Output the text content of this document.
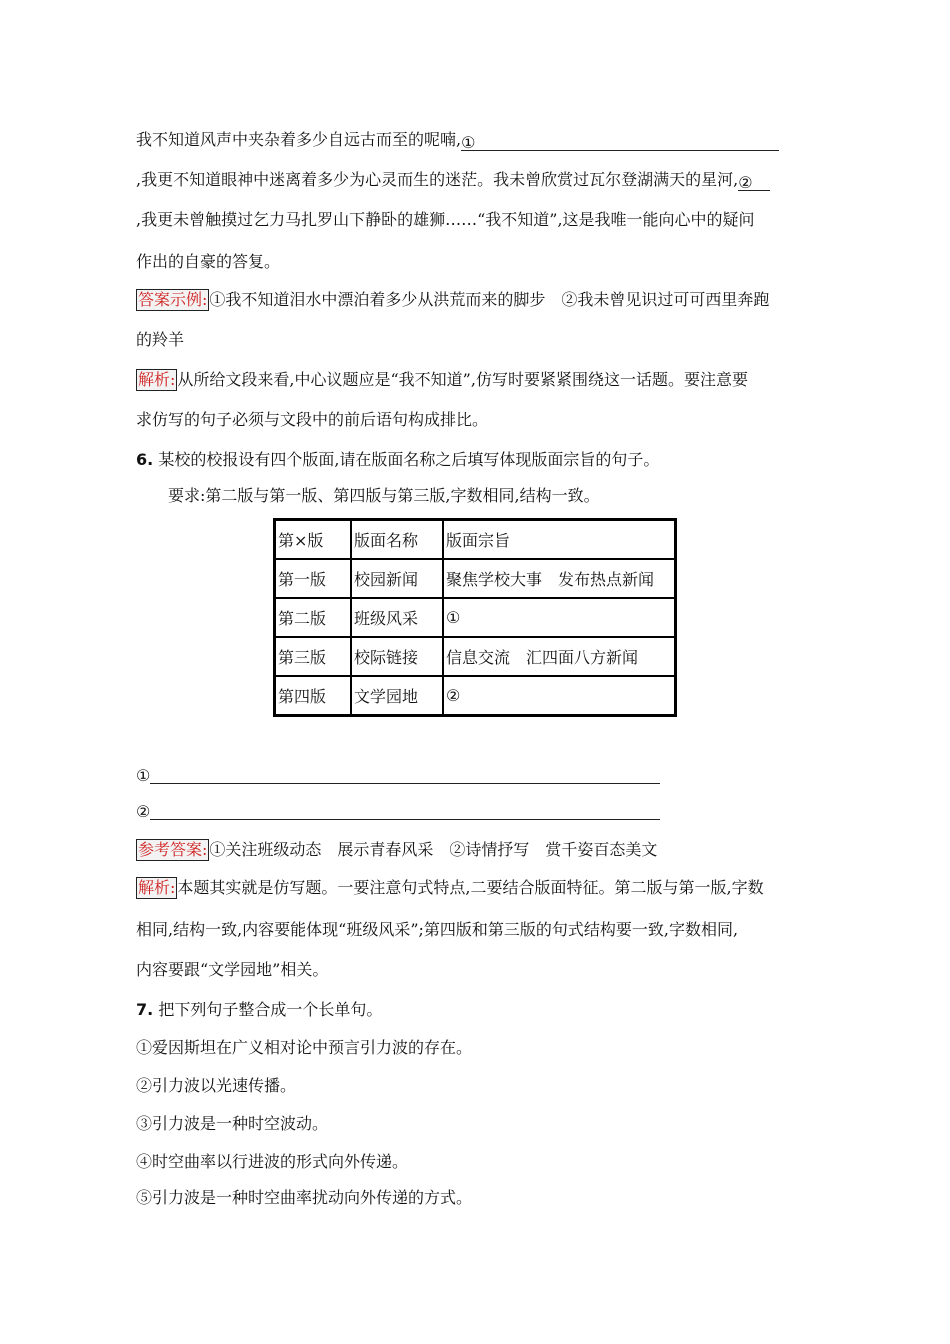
我不知道风声中夹杂着多少自远古而至的呢喃,①
,我更不知道眼神中迷离着多少为心灵而生的迷茫。我未曾欣赏过瓦尔登湖满天的星河,②
,我更未曾触摸过乞力马扎罗山下静卧的雄狮……“我不知道”,这是我唯一能向心中的疑问
作出的自豪的答复。
答案示例: ①我不知道泪水中漂泊着多少从洪荒而来的脚步　②我未曾见识过可可西里奔跑
的羚羊
解析: 从所给文段来看,中心议题应是“我不知道”,仿写时要紧紧围绕这一话题。要注意要
求仿写的句子必须与文段中的前后语句构成排比。
6. 某校的校报设有四个版面,请在版面名称之后填写体现版面宗旨的句子。
要求:第二版与第一版、第四版与第三版,字数相同,结构一致。
第×版	版面名称	版面宗旨
第一版	校园新闻	聚焦学校大事　发布热点新闻
第二版	班级风采	①
第三版	校际链接	信息交流　汇四面八方新闻
第四版	文学园地	②
①
②
参考答案: ①关注班级动态　展示青春风采　②诗情抒写　赏千姿百态美文
解析: 本题其实就是仿写题。一要注意句式特点,二要结合版面特征。第二版与第一版,字数
相同,结构一致,内容要能体现“班级风采”;第四版和第三版的句式结构要一致,字数相同,
内容要跟“文学园地”相关。
7. 把下列句子整合成一个长单句。
①爱因斯坦在广义相对论中预言引力波的存在。
②引力波以光速传播。
③引力波是一种时空波动。
④时空曲率以行进波的形式向外传递。
⑤引力波是一种时空曲率扰动向外传递的方式。
